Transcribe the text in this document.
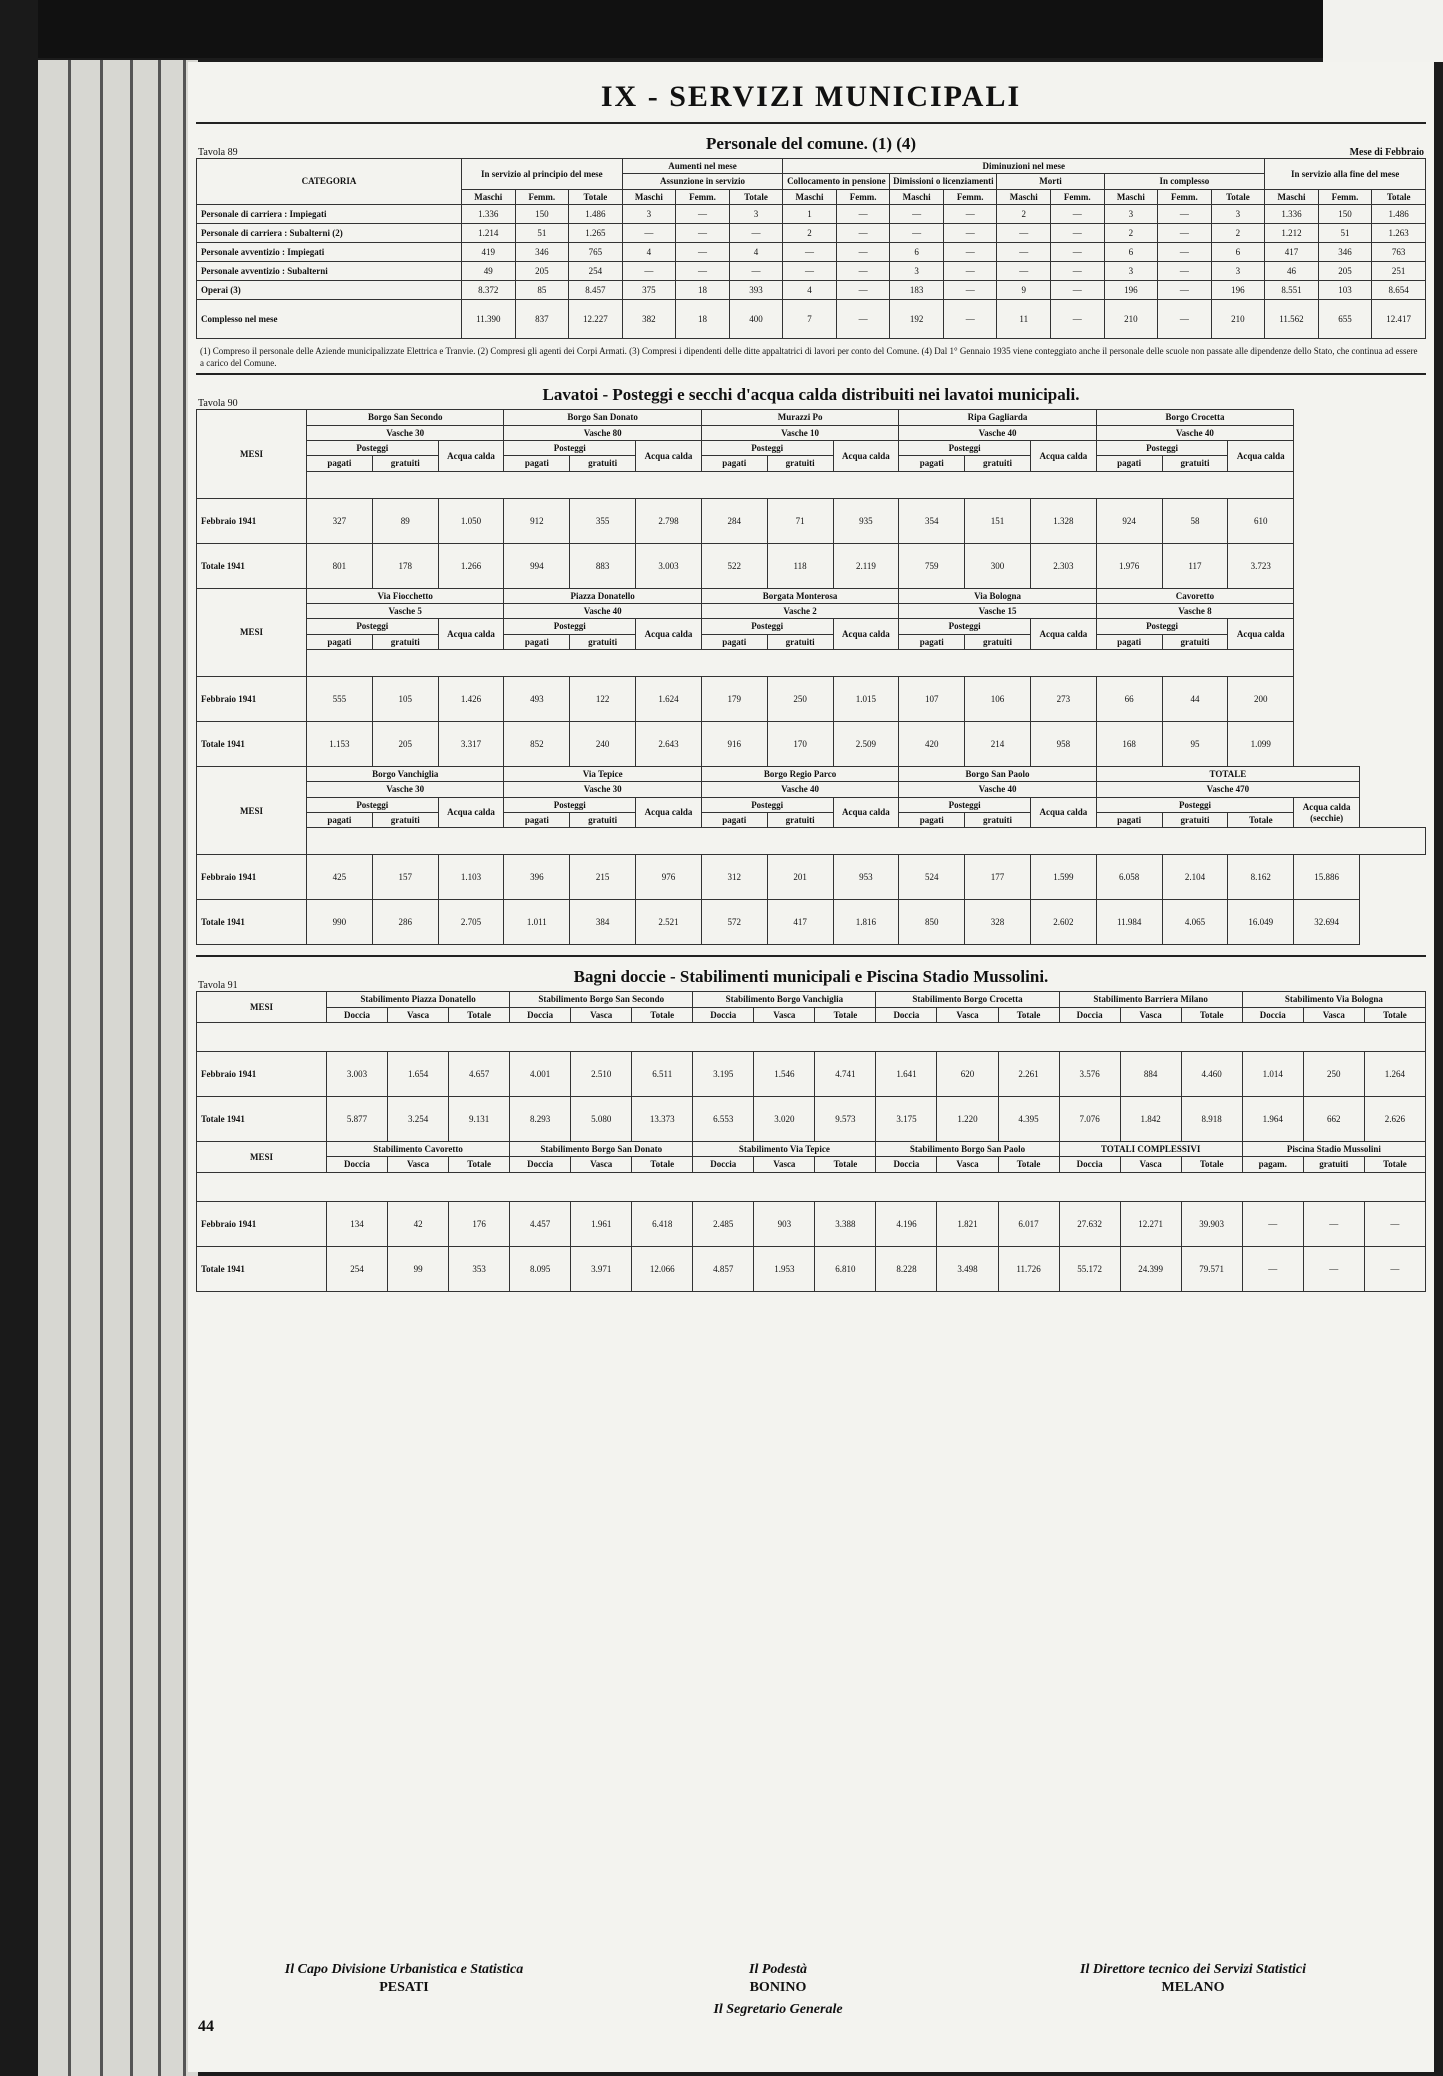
IX - SERVIZI MUNICIPALI
Tavola 89	Personale del comune. (1) (4)	Mese di Febbraio
CATEGORIA	In servizio al principio del mese			Aumenti nel mese			Diminuzioni nel mese									In servizio alla fine del mese		
				Assunzione in servizio			Collocamento in pensione		Dimissioni o licenziamenti		Morti		In complesso					
	Maschi	Femm.	Totale	Maschi	Femm.	Totale	Maschi	Femm.	Maschi	Femm.	Maschi	Femm.	Maschi	Femm.	Totale	Maschi	Femm.	Totale
Personale di carriera : Impiegati	1.336	150	1.486	3	—	3	1	—	—	—	2	—	3	—	3	1.336	150	1.486
Personale di carriera : Subalterni (2)	1.214	51	1.265	—	—	—	2	—	—	—	—	—	2	—	2	1.212	51	1.263
Personale avventizio : Impiegati	419	346	765	4	—	4	—	—	6	—	—	—	6	—	6	417	346	763
Personale avventizio : Subalterni	49	205	254	—	—	—	—	—	3	—	—	—	3	—	3	46	205	251
Operai (3)	8.372	85	8.457	375	18	393	4	—	183	—	9	—	196	—	196	8.551	103	8.654
Complesso nel mese	11.390	837	12.227	382	18	400	7	—	192	—	11	—	210	—	210	11.562	655	12.417
(1) Compreso il personale delle Aziende municipalizzate Elettrica e Tranvie. (2) Compresi gli agenti dei Corpi Armati. (3) Compresi i dipendenti delle ditte appaltatrici di lavori per conto del Comune. (4) Dal 1° Gennaio 1935 viene conteggiato anche il personale delle scuole non passate alle dipendenze dello Stato, che continua ad essere a carico del Comune.
Tavola 90	Lavatoi - Posteggi e secchi d'acqua calda distribuiti nei lavatoi municipali.
MESI	Borgo San Secondo			Borgo San Donato			Murazzi Po			Ripa Gagliarda			Borgo Crocetta			
	Vasche 30			Vasche 80			Vasche 10			Vasche 40			Vasche 40			
	Posteggi		Acqua calda	Posteggi		Acqua calda	Posteggi		Acqua calda	Posteggi		Acqua calda	Posteggi		Acqua calda	
	pagati	gratuiti		pagati	gratuiti		pagati	gratuiti		pagati	gratuiti		pagati	gratuiti		

Febbraio 1941	327	89	1.050	912	355	2.798	284	71	935	354	151	1.328	924	58	610	
Totale 1941	801	178	1.266	994	883	3.003	522	118	2.119	759	300	2.303	1.976	117	3.723	
MESI	Via Fiocchetto			Piazza Donatello			Borgata Monterosa			Via Bologna			Cavoretto			
	Vasche 5			Vasche 40			Vasche 2			Vasche 15			Vasche 8			
	Posteggi		Acqua calda	Posteggi		Acqua calda	Posteggi		Acqua calda	Posteggi		Acqua calda	Posteggi		Acqua calda	
	pagati	gratuiti		pagati	gratuiti		pagati	gratuiti		pagati	gratuiti		pagati	gratuiti		

Febbraio 1941	555	105	1.426	493	122	1.624	179	250	1.015	107	106	273	66	44	200	
Totale 1941	1.153	205	3.317	852	240	2.643	916	170	2.509	420	214	958	168	95	1.099	
MESI	Borgo Vanchiglia			Via Tepice			Borgo Regio Parco			Borgo San Paolo			TOTALE			
	Vasche 30			Vasche 30			Vasche 40			Vasche 40			Vasche 470			
	Posteggi		Acqua calda	Posteggi		Acqua calda	Posteggi		Acqua calda	Posteggi		Acqua calda	Posteggi			Acqua calda (secchie)
	pagati	gratuiti		pagati	gratuiti		pagati	gratuiti		pagati	gratuiti		pagati	gratuiti	Totale	

Febbraio 1941	425	157	1.103	396	215	976	312	201	953	524	177	1.599	6.058	2.104	8.162	15.886
Totale 1941	990	286	2.705	1.011	384	2.521	572	417	1.816	850	328	2.602	11.984	4.065	16.049	32.694
Tavola 91	Bagni doccie - Stabilimenti municipali e Piscina Stadio Mussolini.
MESI	Stabilimento Piazza Donatello			Stabilimento Borgo San Secondo			Stabilimento Borgo Vanchiglia			Stabilimento Borgo Crocetta			Stabilimento Barriera Milano			Stabilimento Via Bologna		
	Doccia	Vasca	Totale	Doccia	Vasca	Totale	Doccia	Vasca	Totale	Doccia	Vasca	Totale	Doccia	Vasca	Totale	Doccia	Vasca	Totale

Febbraio 1941	3.003	1.654	4.657	4.001	2.510	6.511	3.195	1.546	4.741	1.641	620	2.261	3.576	884	4.460	1.014	250	1.264
Totale 1941	5.877	3.254	9.131	8.293	5.080	13.373	6.553	3.020	9.573	3.175	1.220	4.395	7.076	1.842	8.918	1.964	662	2.626
MESI	Stabilimento Cavoretto			Stabilimento Borgo San Donato			Stabilimento Via Tepice			Stabilimento Borgo San Paolo			TOTALI COMPLESSIVI			Piscina Stadio Mussolini		
	Doccia	Vasca	Totale	Doccia	Vasca	Totale	Doccia	Vasca	Totale	Doccia	Vasca	Totale	Doccia	Vasca	Totale	pagam.	gratuiti	Totale

Febbraio 1941	134	42	176	4.457	1.961	6.418	2.485	903	3.388	4.196	1.821	6.017	27.632	12.271	39.903	—	—	—
Totale 1941	254	99	353	8.095	3.971	12.066	4.857	1.953	6.810	8.228	3.498	11.726	55.172	24.399	79.571	—	—	—
Il Capo Divisione Urbanistica e Statistica
PESATI
Il Podestà
BONINO
Il Segretario Generale
Il Direttore tecnico dei Servizi Statistici
MELANO
44
